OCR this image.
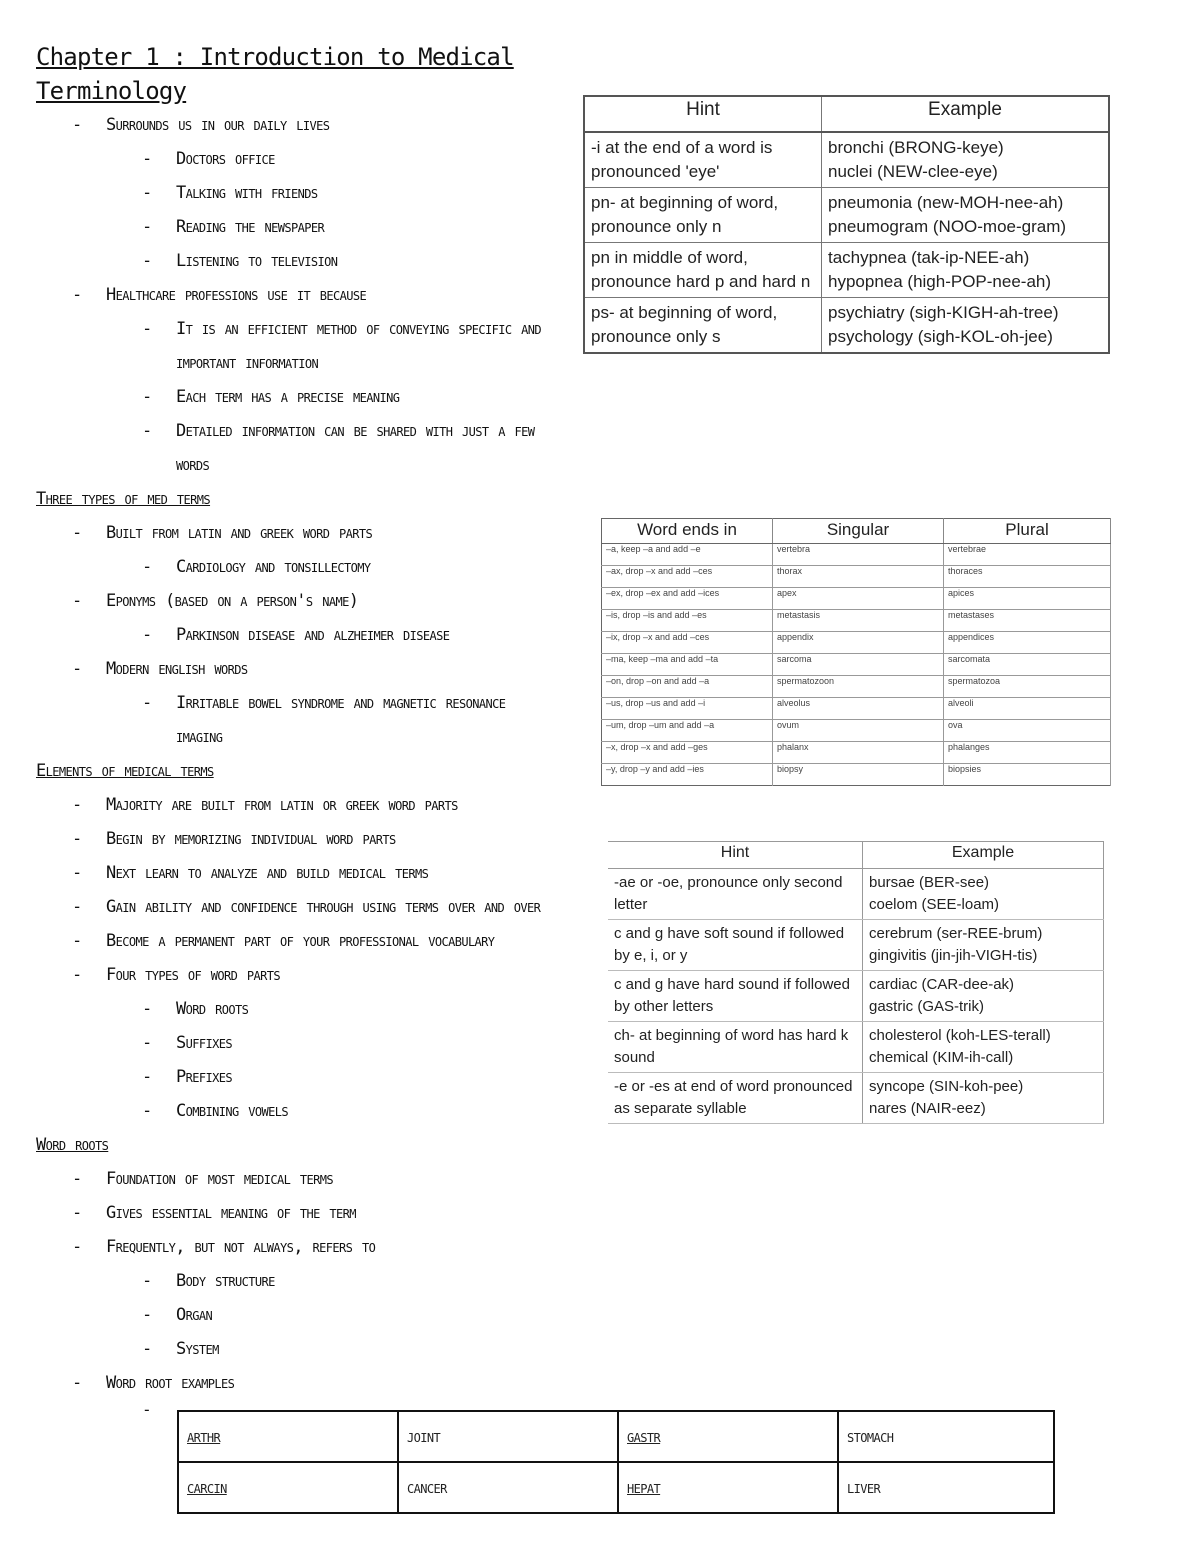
Chapter 1 : Introduction to Medical Terminology
- Surrounds us in our daily lives
- Doctors office
- Talking with friends
- Reading the newspaper
- Listening to television
- Healthcare professions use it because
- It is an efficient method of conveying specific and
important information
- Each term has a precise meaning
- Detailed information can be shared with just a few
words
Three types of med terms
- Built from latin and greek word parts
- Cardiology and tonsillectomy
- Eponyms (based on a person's name)
- Parkinson disease and alzheimer disease
- Modern english words
- Irritable bowel syndrome and magnetic resonance
imaging
Elements of medical terms
- Majority are built from latin or greek word parts
- Begin by memorizing individual word parts
- Next learn to analyze and build medical terms
- Gain ability and confidence through using terms over and over
- Become a permanent part of your professional vocabulary
- Four types of word parts
- Word roots
- Suffixes
- Prefixes
- Combining vowels
Word roots
- Foundation of most medical terms
- Gives essential meaning of the term
- Frequently, but not always, refers to
- Body structure
- Organ
- System
- Word root examples
-
Hint	Example
-i at the end of a word is pronounced 'eye'	bronchi (BRONG-keye)
nuclei (NEW-clee-eye)

pn- at beginning of word, pronounce only n	pneumonia (new-MOH-nee-ah)
pneumogram (NOO-moe-gram)

pn in middle of word, pronounce hard p and hard n	tachypnea (tak-ip-NEE-ah)
hypopnea (high-POP-nee-ah)

ps- at beginning of word, pronounce only s	psychiatry (sigh-KIGH-ah-tree)
psychology (sigh-KOL-oh-jee)
Word ends in	Singular	Plural
–a, keep –a and add –e	vertebra	vertebrae
–ax, drop –x and add –ces	thorax	thoraces
–ex, drop –ex and add –ices	apex	apices
–is, drop –is and add –es	metastasis	metastases
–ix, drop –x and add –ces	appendix	appendices
–ma, keep –ma and add –ta	sarcoma	sarcomata
–on, drop –on and add –a	spermatozoon	spermatozoa
–us, drop –us and add –i	alveolus	alveoli
–um, drop –um and add –a	ovum	ova
–x, drop –x and add –ges	phalanx	phalanges
–y, drop –y and add –ies	biopsy	biopsies
Hint	Example
-ae or -oe, pronounce only second letter	bursae (BER-see)
coelom (SEE-loam)

c and g have soft sound if followed by e, i, or y	cerebrum (ser-REE-brum)
gingivitis (jin-jih-VIGH-tis)

c and g have hard sound if followed by other letters	cardiac (CAR-dee-ak)
gastric (GAS-trik)

ch- at beginning of word has hard k sound	cholesterol (koh-LES-terall)
chemical (KIM-ih-call)

-e or -es at end of word pronounced as separate syllable	syncope (SIN-koh-pee)
nares (NAIR-eez)
arthr	joint	gastr	stomach
carcin	cancer	hepat	liver
